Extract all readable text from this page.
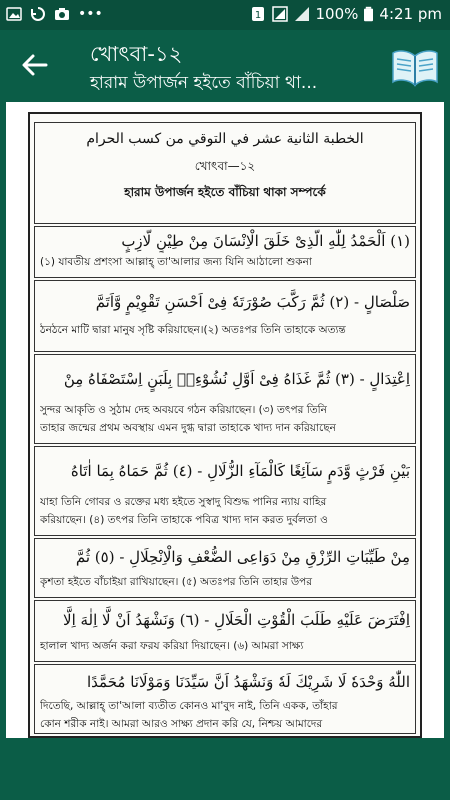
•••	1	100% 4:21 pm
খোৎবা-১২
হারাম উপার্জন হইতে বাঁচিয়া থা...
الخطبة الثانية عشر في التوقي من كسب الحرام
খোৎবা—১২
হারাম উপার্জন হইতে বাঁচিয়া থাকা সম্পর্কে
(١) اَلْحَمْدُ لِلّٰهِ الَّذِىْ خَلَقَ الْاِنْسَانَ مِنْ طِيْنٍ لَّازِبٍ
(১) যাবতীয় প্রশংসা আল্লাহ্ তা'আলার জন্য যিনি আঠালো শুকনা
صَلْصَالٍ - (٢) ثُمَّ رَكَّبَ صُوْرَتَهٗ فِىْ اَحْسَنِ تَقْوِيْمٍ وَّاَتَمَّ
ঠনঠনে মাটি দ্বারা মানুষ সৃষ্টি করিয়াছেন।(২) অতঃপর তিনি তাহাকে অত্যন্ত
اِعْتِدَالٍ - (٣) ثُمَّ غَذَاهُ فِىْ اَوَّلِ نُشُوْءِهٖ بِلَبَنٍ اِسْتَصْفَاهُ مِنْ
সুন্দর আকৃতি ও সুঠাম দেহ অবয়বে গঠন করিয়াছেন। (৩) তৎপর তিনি
তাহার জন্মের প্রথম অবস্থায় এমন দুগ্ধ দ্বারা তাহাকে খাদ্য দান করিয়াছেন
بَيْنِ فَرْثٍ وَّدَمٍ سَآئِغًا كَالْمَآءِ الزُّلَالِ - (٤) ثُمَّ حَمَاهُ بِمَا اٰتَاهُ
যাহা তিনি গোবর ও রক্তের মধ্য হইতে সুস্বাদু বিশুদ্ধ পানির ন্যায় বাহির
করিয়াছেন। (৪) তৎপর তিনি তাহাকে পবিত্র খাদ্য দান করত দুর্বলতা ও
مِنْ طَيِّبَاتِ الرِّزْقِ مِنْ دَوَاعِى الضُّعْفِ وَالْاِنْحِلَالِ - (٥) ثُمَّ
কৃশতা হইতে বাঁচাইয়া রাখিয়াছেন। (৫) অতঃপর তিনি তাহার উপর
اِفْتَرَضَ عَلَيْهِ طَلَبَ الْقُوْتِ الْحَلَالِ - (٦) وَنَشْهَدُ اَنْ لَّا اِلٰهَ اِلَّا
হালাল খাদ্য অর্জন করা ফরয করিয়া দিয়াছেন। (৬) আমরা সাক্ষ্য
اللّٰهُ وَحْدَهٗ لَا شَرِيْكَ لَهٗ وَنَشْهَدُ اَنَّ سَيِّدَنَا وَمَوْلَانَا مُحَمَّدًا
দিতেছি, আল্লাহ্ তা'আলা ব্যতীত কোনও মা'বুদ নাই, তিনি একক, তাঁহার
কোন শরীক নাই। আমরা আরও সাক্ষ্য প্রদান করি যে, নিশ্চয় আমাদের
